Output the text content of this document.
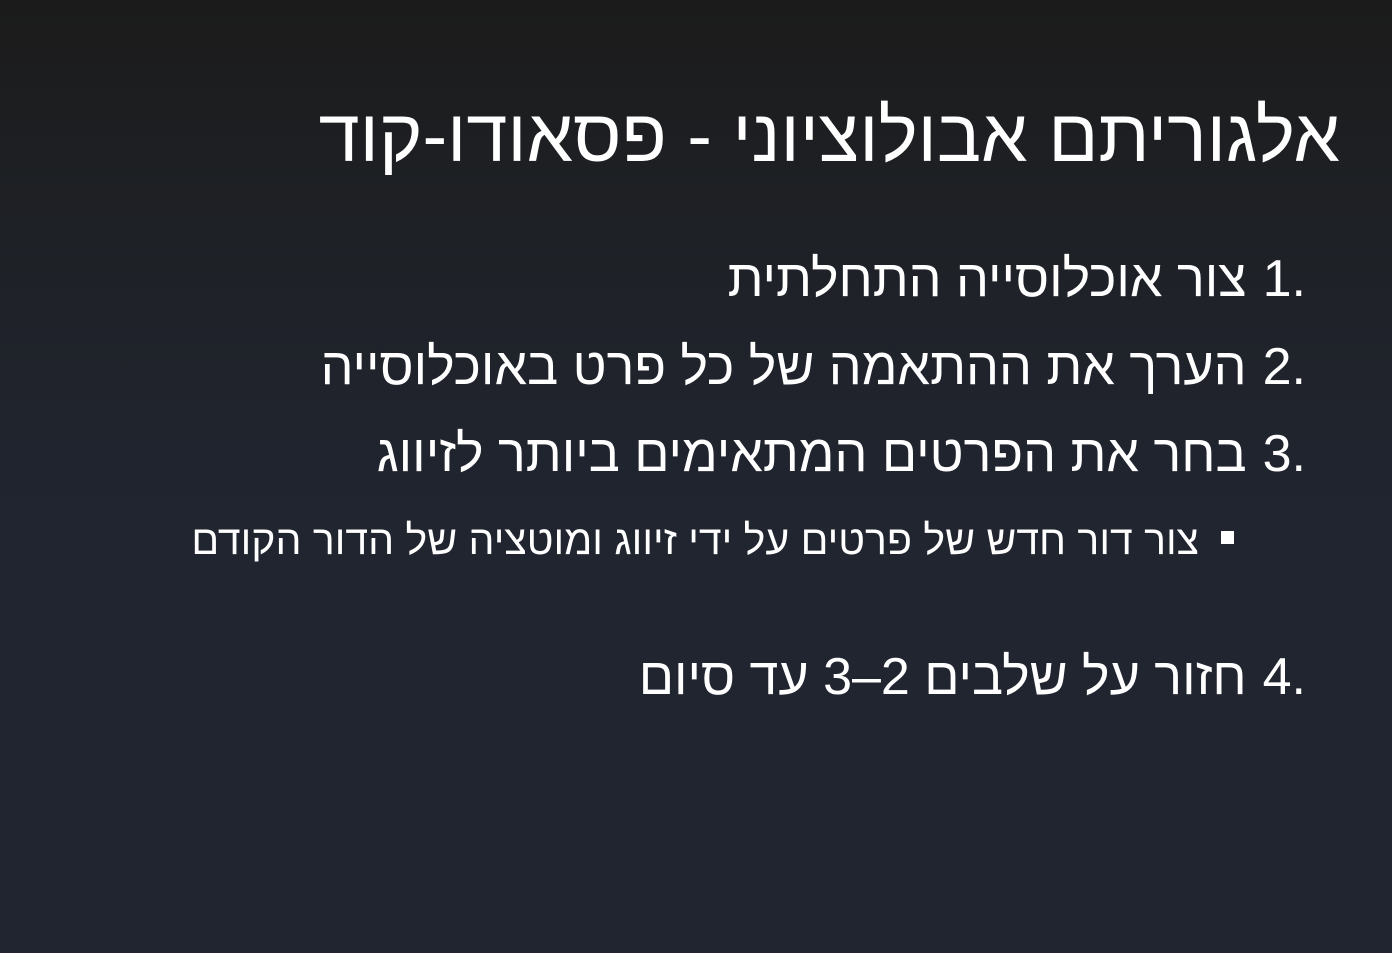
אלגוריתם אבולוציוני - פסאודו-קוד
1.
צור אוכלוסייה התחלתית
2.
הערך את ההתאמה של כל פרט באוכלוסייה
3.
בחר את הפרטים המתאימים ביותר לזיווג
צור דור חדש של פרטים על ידי זיווג ומוטציה של הדור הקודם
4.
חזור על שלבים 2–3 עד סיום
